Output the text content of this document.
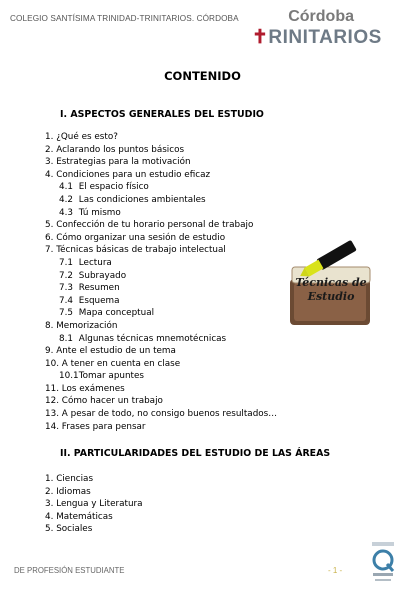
COLEGIO SANTÍSIMA TRINIDAD-TRINITARIOS. CÓRDOBA	Córdoba
✝RINITARIOS
CONTENIDO
I. ASPECTOS GENERALES DEL ESTUDIO
1. ¿Qué es esto?
2. Aclarando los puntos básicos
3. Estrategias para la motivación
4. Condiciones para un estudio eficaz
4.1 El espacio físico
4.2 Las condiciones ambientales
4.3 Tú mismo
5. Confección de tu horario personal de trabajo
6. Cómo organizar una sesión de estudio
7. Técnicas básicas de trabajo intelectual
7.1 Lectura
7.2 Subrayado
7.3 Resumen
7.4 Esquema
7.5 Mapa conceptual
8. Memorización
8.1 Algunas técnicas mnemotécnicas
9. Ante el estudio de un tema
10. A tener en cuenta en clase
10.1 Tomar apuntes
11. Los exámenes
12. Cómo hacer un trabajo
13. A pesar de todo, no consigo buenos resultados…
14. Frases para pensar
II. PARTICULARIDADES DEL ESTUDIO DE LAS ÁREAS
1. Ciencias
2. Idiomas
3. Lengua y Literatura
4. Matemáticas
5. Sociales
Técnicas de
Estudio
DE PROFESIÓN ESTUDIANTE	- 1 -
